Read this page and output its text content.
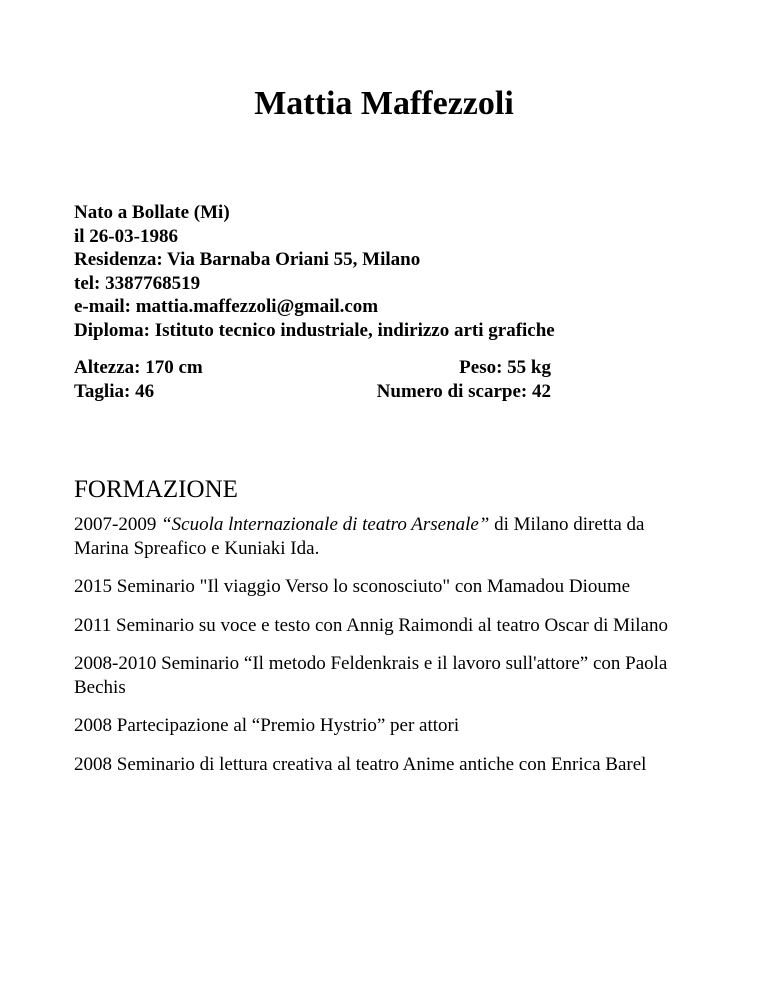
Mattia Maffezzoli
Nato a Bollate (Mi)
il 26-03-1986
Residenza: Via Barnaba Oriani 55, Milano
tel: 3387768519
e-mail: mattia.maffezzoli@gmail.com
Diploma: Istituto tecnico industriale, indirizzo arti grafiche
Altezza: 170 cm
Taglia: 46
Peso: 55 kg
Numero di scarpe: 42
FORMAZIONE
2007-2009 “Scuola lnternazionale di teatro Arsenale” di Milano diretta da Marina Spreafico e Kuniaki Ida.
2015 Seminario "Il viaggio Verso lo sconosciuto" con Mamadou Dioume
2011 Seminario su voce e testo con Annig Raimondi al teatro Oscar di Milano
2008-2010 Seminario “Il metodo Feldenkrais e il lavoro sull'attore” con Paola Bechis
2008 Partecipazione al “Premio Hystrio” per attori
2008 Seminario di lettura creativa al teatro Anime antiche con Enrica Barel
